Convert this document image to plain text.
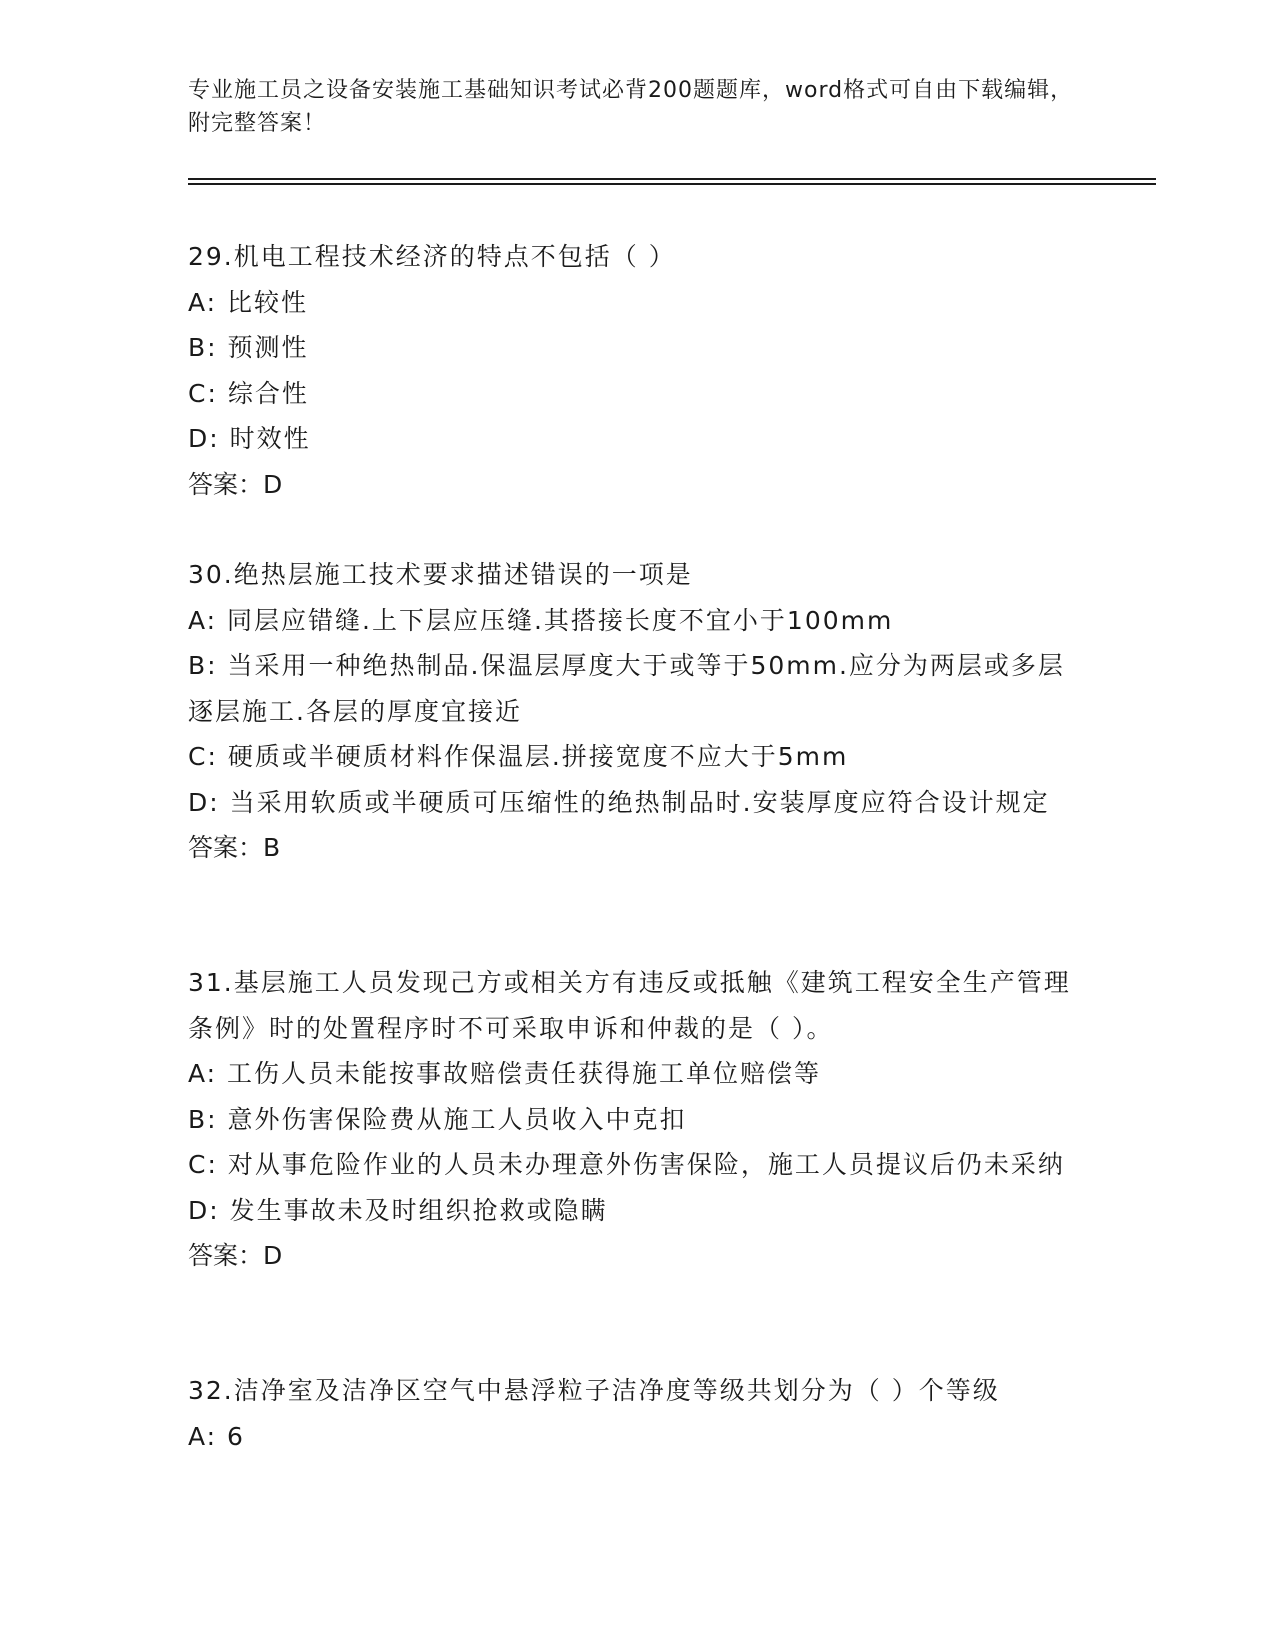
专业施工员之设备安装施工基础知识考试必背200题题库，word格式可自由下载编辑，附完整答案！
29.机电工程技术经济的特点不包括（ ）
A: 比较性
B: 预测性
C: 综合性
D: 时效性
答案：D
30.绝热层施工技术要求描述错误的一项是
A: 同层应错缝.上下层应压缝.其搭接长度不宜小于100mm
B: 当采用一种绝热制品.保温层厚度大于或等于50mm.应分为两层或多层逐层施工.各层的厚度宜接近
C: 硬质或半硬质材料作保温层.拼接宽度不应大于5mm
D: 当采用软质或半硬质可压缩性的绝热制品时.安装厚度应符合设计规定
答案：B
31.基层施工人员发现己方或相关方有违反或抵触《建筑工程安全生产管理条例》时的处置程序时不可采取申诉和仲裁的是（ ）。
A: 工伤人员未能按事故赔偿责任获得施工单位赔偿等
B: 意外伤害保险费从施工人员收入中克扣
C: 对从事危险作业的人员未办理意外伤害保险，施工人员提议后仍未采纳
D: 发生事故未及时组织抢救或隐瞒
答案：D
32.洁净室及洁净区空气中悬浮粒子洁净度等级共划分为（ ）个等级
A: 6
